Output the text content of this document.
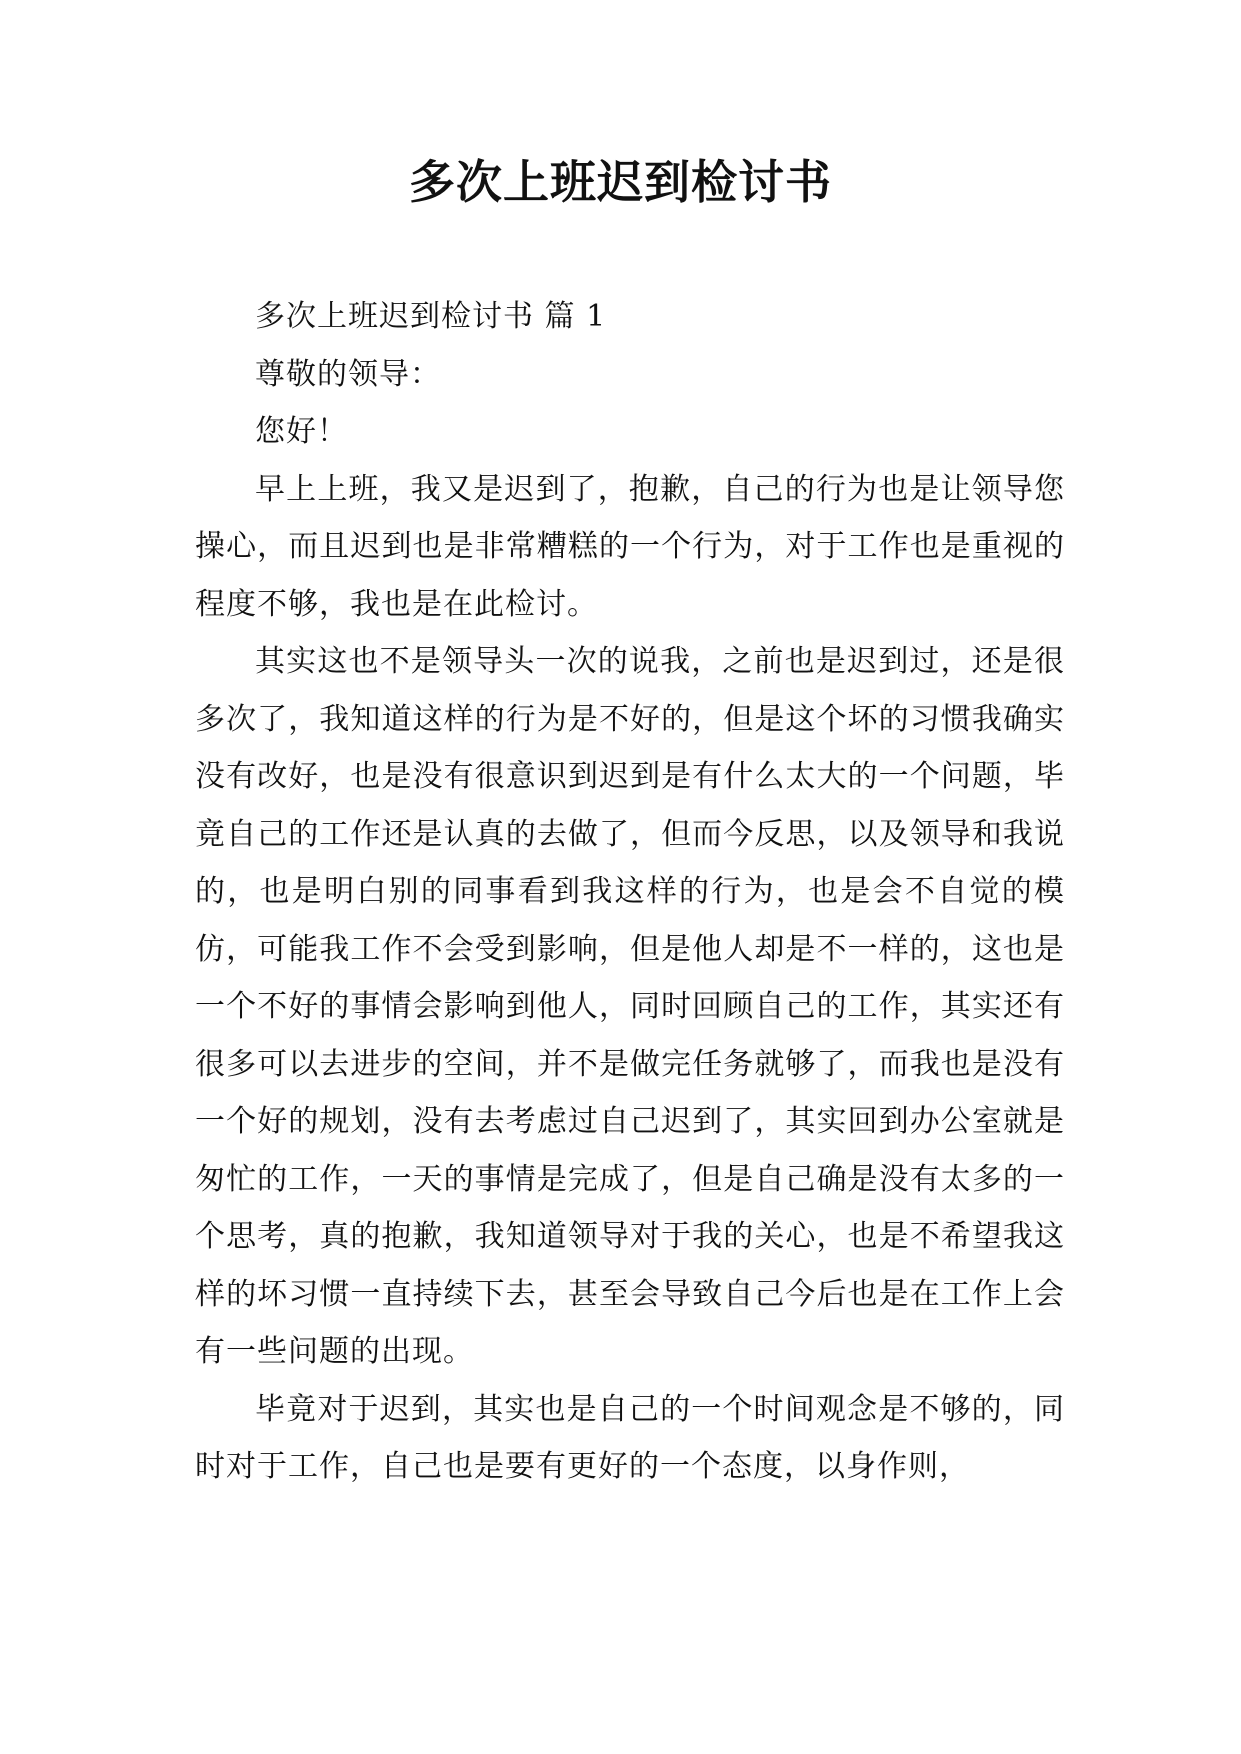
多次上班迟到检讨书

多次上班迟到检讨书 篇 1

尊敬的领导：

您好！

早上上班，我又是迟到了，抱歉，自己的行为也是让领导您操心，而且迟到也是非常糟糕的一个行为，对于工作也是重视的程度不够，我也是在此检讨。

其实这也不是领导头一次的说我，之前也是迟到过，还是很多次了，我知道这样的行为是不好的，但是这个坏的习惯我确实没有改好，也是没有很意识到迟到是有什么太大的一个问题，毕竟自己的工作还是认真的去做了，但而今反思，以及领导和我说的，也是明白别的同事看到我这样的行为，也是会不自觉的模仿，可能我工作不会受到影响，但是他人却是不一样的，这也是一个不好的事情会影响到他人，同时回顾自己的工作，其实还有很多可以去进步的空间，并不是做完任务就够了，而我也是没有一个好的规划，没有去考虑过自己迟到了，其实回到办公室就是匆忙的工作，一天的事情是完成了，但是自己确是没有太多的一个思考，真的抱歉，我知道领导对于我的关心，也是不希望我这样的坏习惯一直持续下去，甚至会导致自己今后也是在工作上会有一些问题的出现。

毕竟对于迟到，其实也是自己的一个时间观念是不够的，同时对于工作，自己也是要有更好的一个态度，以身作则，
